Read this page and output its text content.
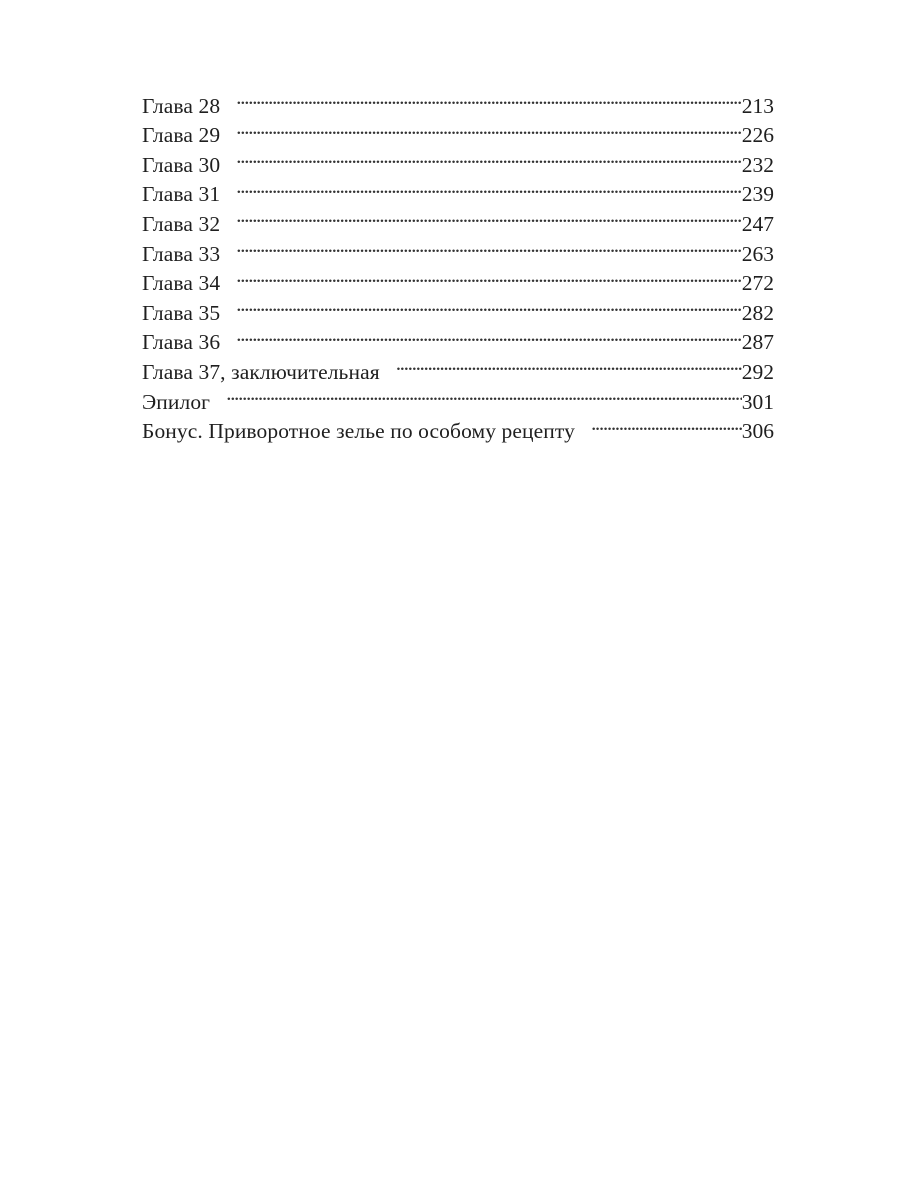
Глава 28 .....	213
Глава 29 .....	226
Глава 30 .....	232
Глава 31 .....	239
Глава 32 .....	247
Глава 33 .....	263
Глава 34 .....	272
Глава 35 .....	282
Глава 36 .....	287
Глава 37, заключительная .....	292
Эпилог .....	301
Бонус. Приворотное зелье по особому рецепту .....	306
